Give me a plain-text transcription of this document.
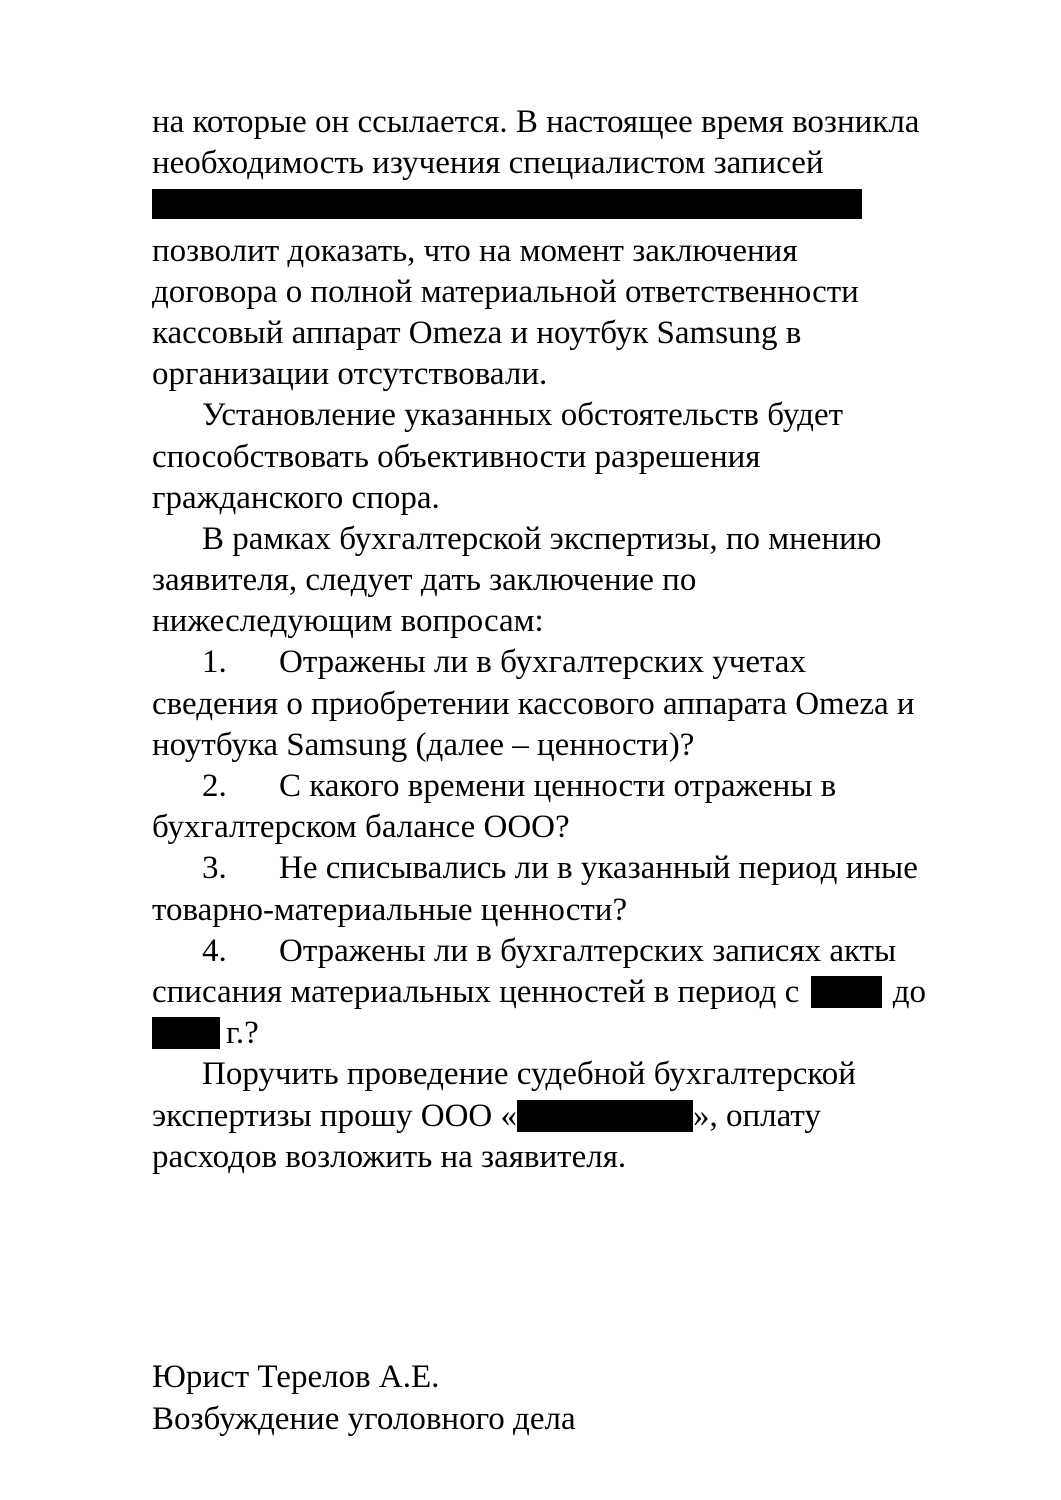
на которые он ссылается. В настоящее время возникла
необходимость изучения специалистом записей
позволит доказать, что на момент заключения
договора о полной материальной ответственности
кассовый аппарат Omeza и ноутбук Samsung в
организации отсутствовали.
Установление указанных обстоятельств будет
способствовать объективности разрешения
гражданского спора.
В рамках бухгалтерской экспертизы, по мнению
заявителя, следует дать заключение по
нижеследующим вопросам:
1. Отражены ли в бухгалтерских учетах
сведения о приобретении кассового аппарата Omeza и
ноутбука Samsung (далее – ценности)?
2. С какого времени ценности отражены в
бухгалтерском балансе ООО?
3. Не списывались ли в указанный период иные
товарно-материальные ценности?
4. Отражены ли в бухгалтерских записях акты
списания материальных ценностей в период с	до
г.?
Поручить проведение судебной бухгалтерской
экспертизы прошу ООО «	», оплату
расходов возложить на заявителя.
Юрист Терелов А.Е.
Возбуждение уголовного дела
